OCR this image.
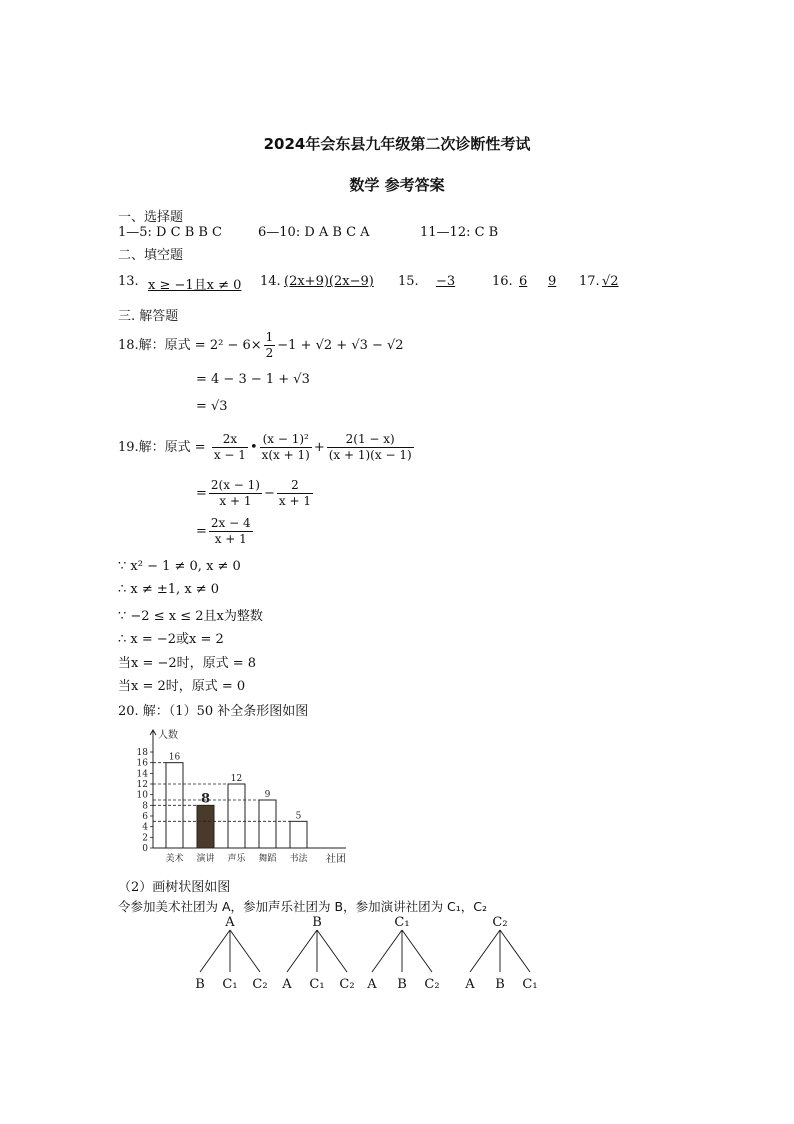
2024年会东县九年级第二次诊断性考试
数学 参考答案
一、选择题
1—5: D C B B C	6—10: D A B C A	11—12: C B
二、填空题
13. x ≥ −1且x ≠ 0 14. (2x+9)(2x−9) 15. −3	16. 6 9 17. √2
三. 解答题
18.解：原式 = $2^2 - 6\times \frac{1}{2} -1 + √2 + √3 - √2$
= 4 − 3 − 1 + √3
= √3
19.解：原式 = $\frac{2x}{x - 1}$ • $\frac{\text{(x − 1)²}}{x(x + 1)} + \frac{2(1 - x)}{(x + 1)(x - 1)}$
= $\frac{2(x - 1)}{x + 1} - \frac{2}{x + 1}$
= $\frac{2x - 4}{x + 1}$
∵ x² − 1 ≠ 0, x ≠ 0
∴ x ≠ ±1, x ≠ 0
∵ −2 ≤ x ≤ 2且x为整数
∴ x = −2或x = 2
当x = −2时，原式 = 8
当x = 2时，原式 = 0
20. 解：（1）50 补全条形图如图
0
2
4
6
8
10
12
14
16
18
人数
社团
16
美术
8
演讲
12
声乐
9
舞蹈
5
书法
（2）画树状图如图
令参加美术社团为 A，参加声乐社团为 B，参加演讲社团为 C₁，C₂
A
B C₁ C₂
B
A C₁ C₂
C₁
A B C₂
C₂
A B C₁
